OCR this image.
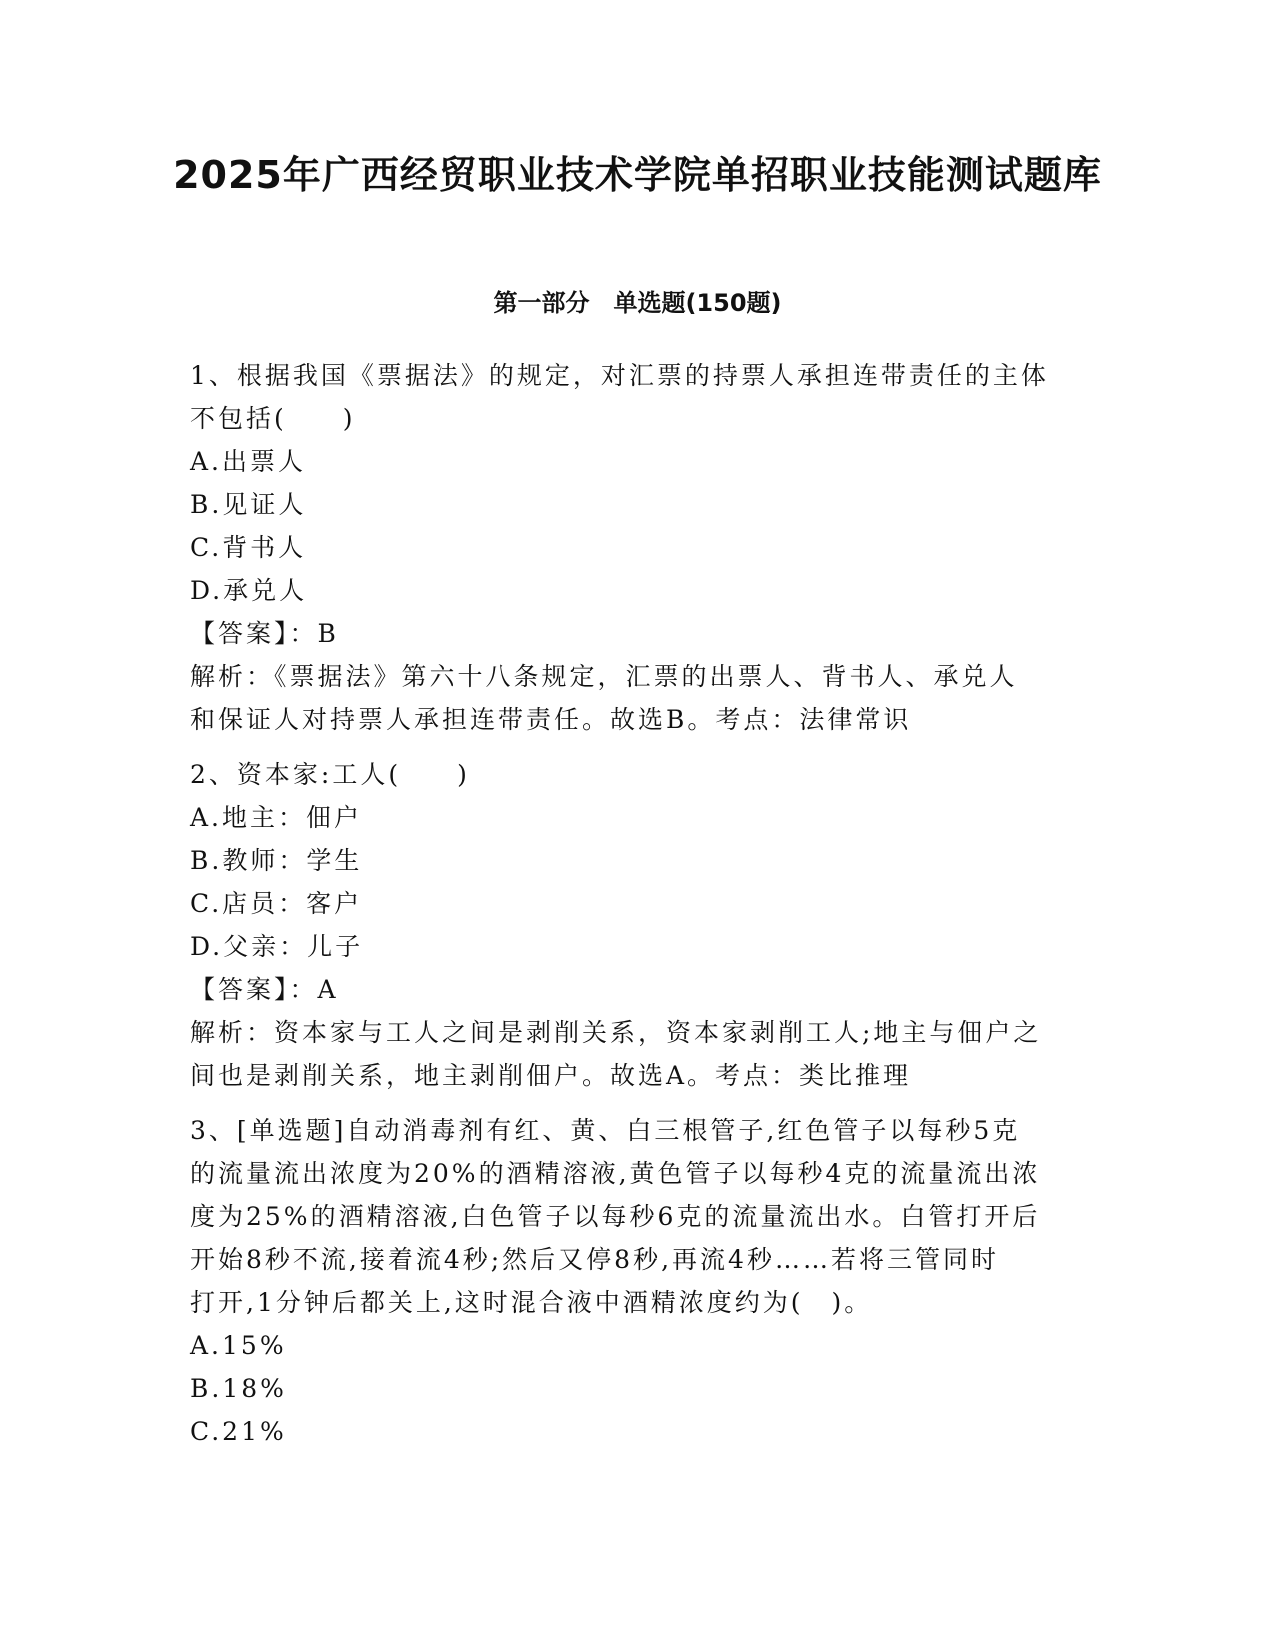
2025年广西经贸职业技术学院单招职业技能测试题库
第一部分　单选题(150题)

1、根据我国《票据法》的规定，对汇票的持票人承担连带责任的主体

不包括(　　)

A.出票人

B.见证人

C.背书人

D.承兑人

【答案】：B

解析：《票据法》第六十八条规定，汇票的出票人、背书人、承兑人

和保证人对持票人承担连带责任。故选B。考点：法律常识

2、资本家:工人(　　)

A.地主：佃户

B.教师：学生

C.店员：客户

D.父亲：儿子

【答案】：A

解析：资本家与工人之间是剥削关系，资本家剥削工人;地主与佃户之

间也是剥削关系，地主剥削佃户。故选A。考点：类比推理

3、[单选题]自动消毒剂有红、黄、白三根管子,红色管子以每秒5克

的流量流出浓度为20%的酒精溶液,黄色管子以每秒4克的流量流出浓

度为25%的酒精溶液,白色管子以每秒6克的流量流出水。白管打开后

开始8秒不流,接着流4秒;然后又停8秒,再流4秒……若将三管同时

打开,1分钟后都关上,这时混合液中酒精浓度约为(　)。

A.15%

B.18%

C.21%
